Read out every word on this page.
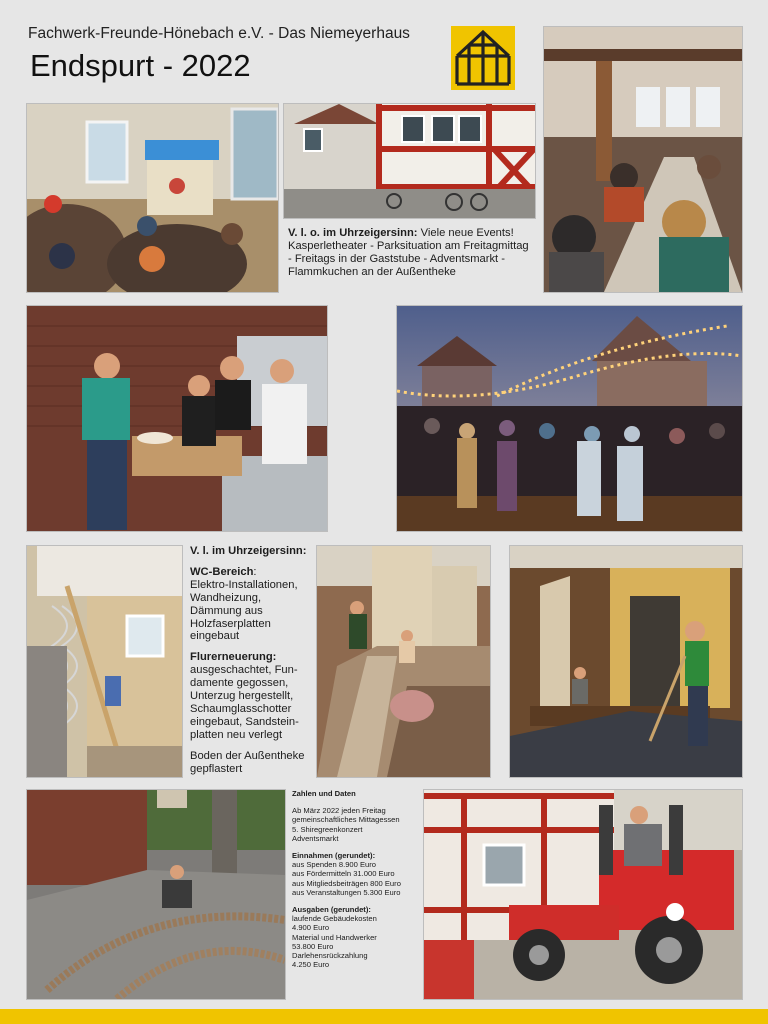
Fachwerk-Freunde-Hönebach e.V. - Das Niemeyerhaus
Endspurt - 2022
V. l. o. im Uhrzeigersinn: Viele neue Events!
Kasperletheater - Parksituation am Freitagmittag
- Freitags in der Gaststube - Adventsmarkt -
Flammkuchen an der Außentheke
V. l. im Uhrzeigersinn:
WC-Bereich:
Elektro-Installationen,
Wandheizung,
Dämmung aus
Holzfaserplatten
eingebaut
Flurerneuerung:
ausgeschachtet, Fun-
damente gegossen,
Unterzug hergestellt,
Schaumglasschotter
eingebaut, Sandstein-
platten neu verlegt
Boden der Außentheke
gepflastert
Zahlen und Daten
Ab März 2022 jeden Freitag
gemeinschaftliches Mittagessen
5. Shiregreenkonzert
Adventsmarkt
Einnahmen (gerundet):
aus Spenden 8.900 Euro
aus Fördermitteln 31.000 Euro
aus Mitgliedsbeiträgen 800 Euro
aus Veranstaltungen 5.300 Euro
Ausgaben (gerundet):
laufende Gebäudekosten
4.900 Euro
Material und Handwerker
53.800 Euro
Darlehensrückzahlung
4.250 Euro
